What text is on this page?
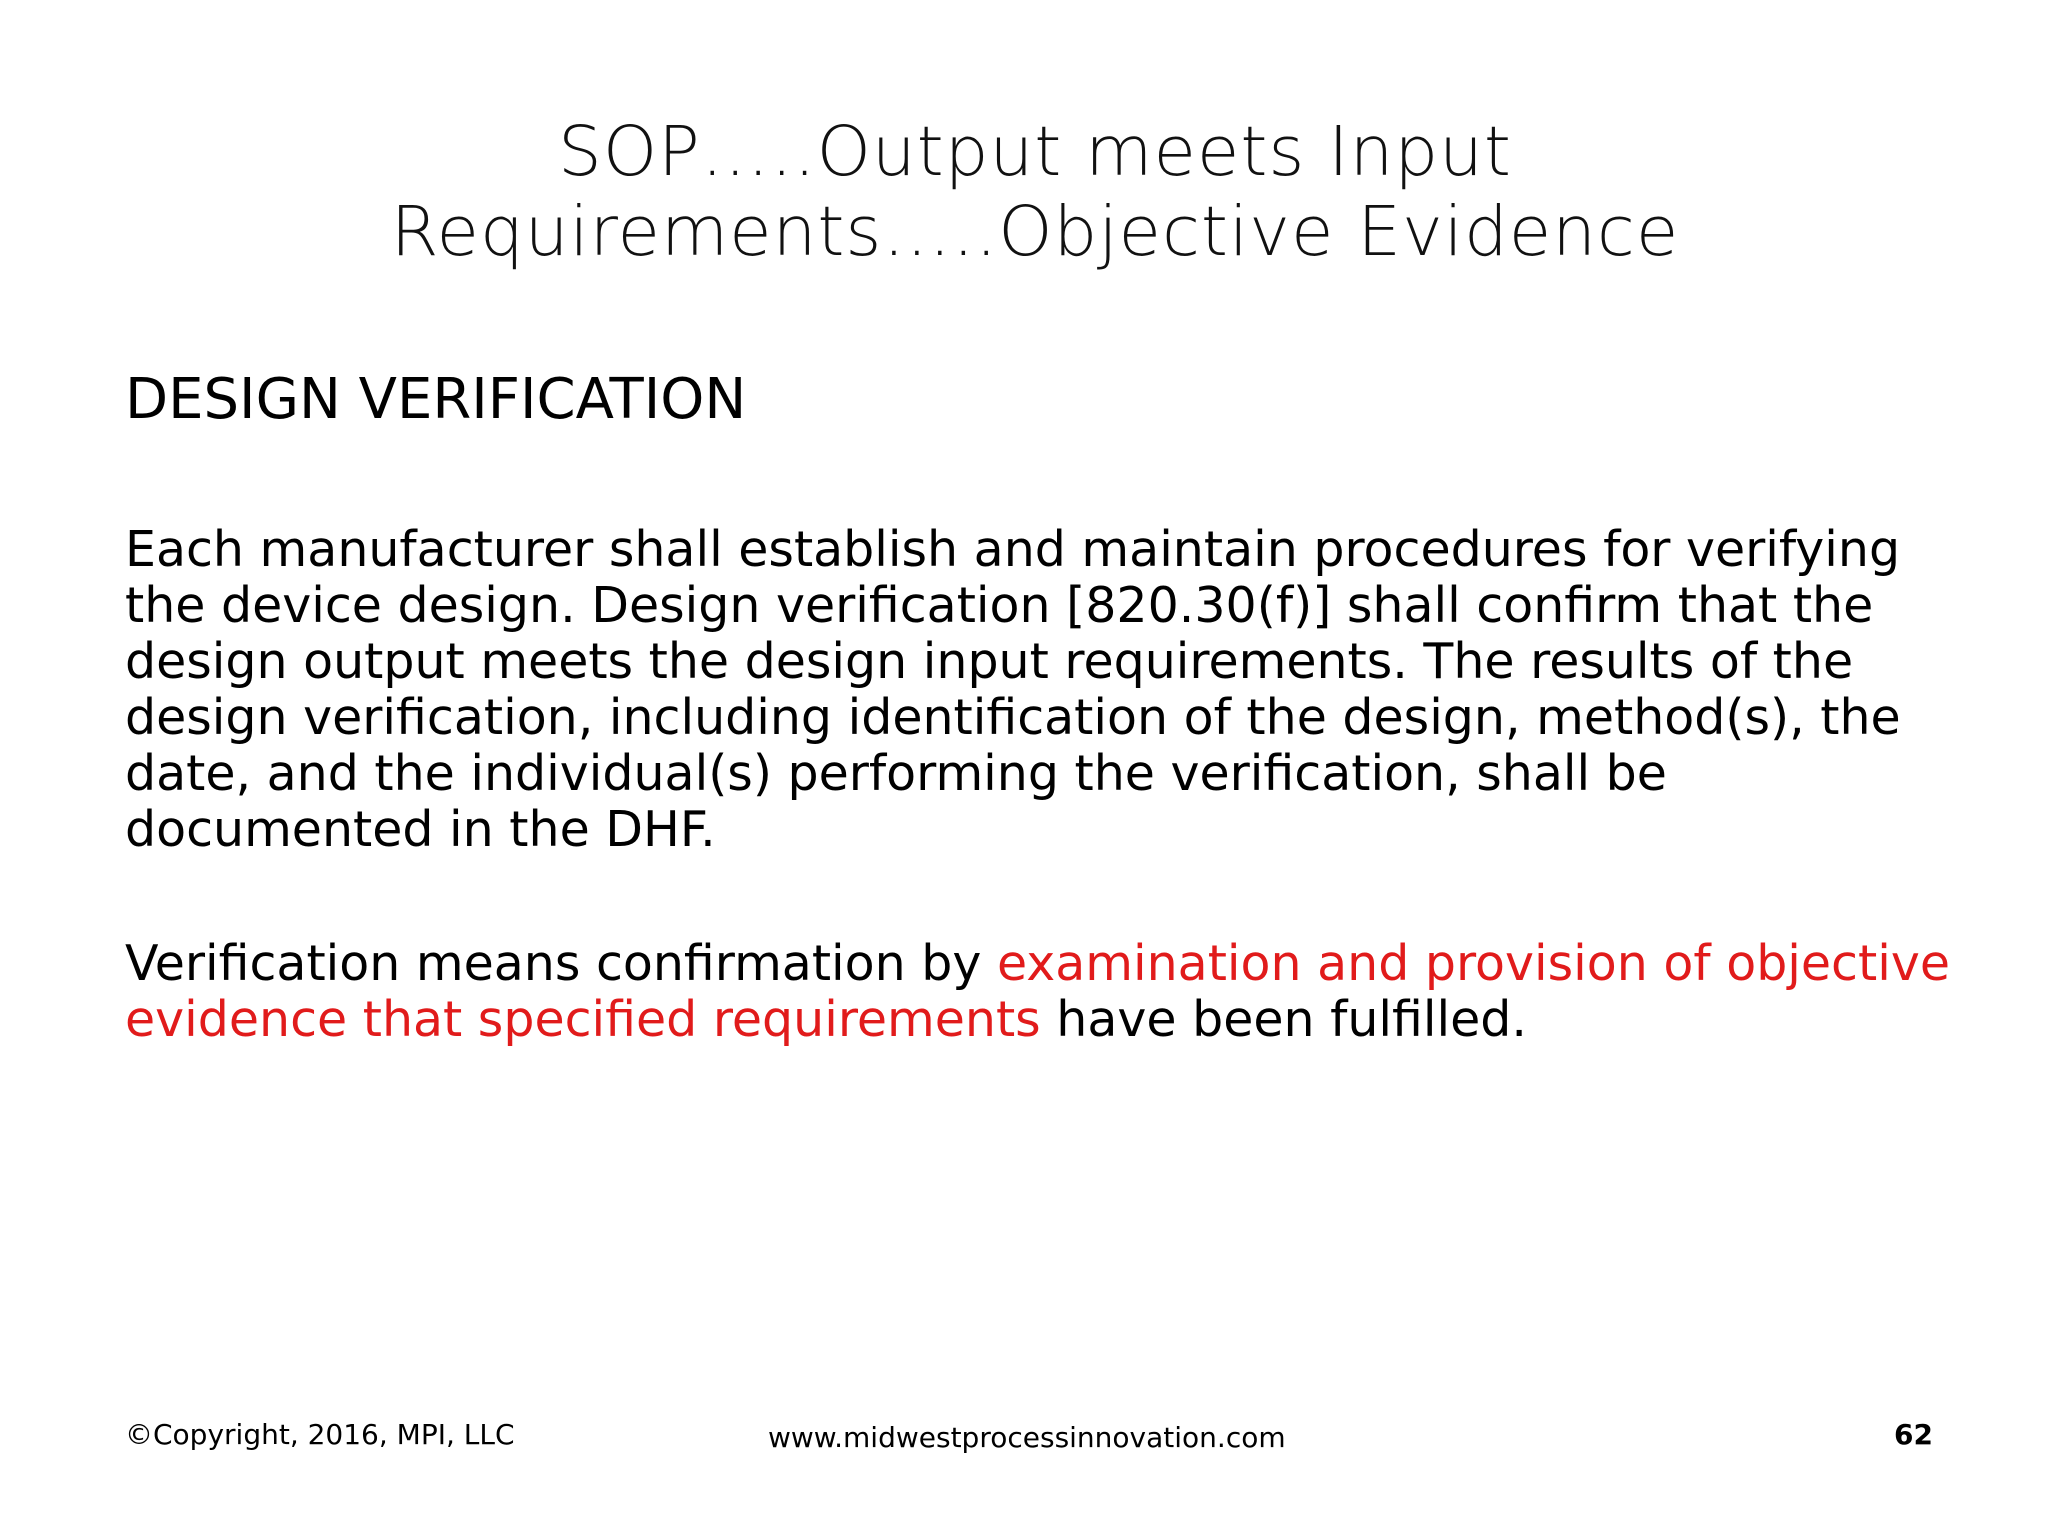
SOP…..Output meets Input Requirements…..Objective Evidence
DESIGN VERIFICATION

Each manufacturer shall establish and maintain procedures for verifying the device design. Design verification [820.30(f)] shall confirm that the design output meets the design input requirements. The results of the design verification, including identification of the design, method(s), the date, and the individual(s) performing the verification, shall be documented in the DHF.

Verification means confirmation by examination and provision of objective evidence that specified requirements have been fulfilled.

©Copyright, 2016, MPI, LLC	www.midwestprocessinnovation.com	62
